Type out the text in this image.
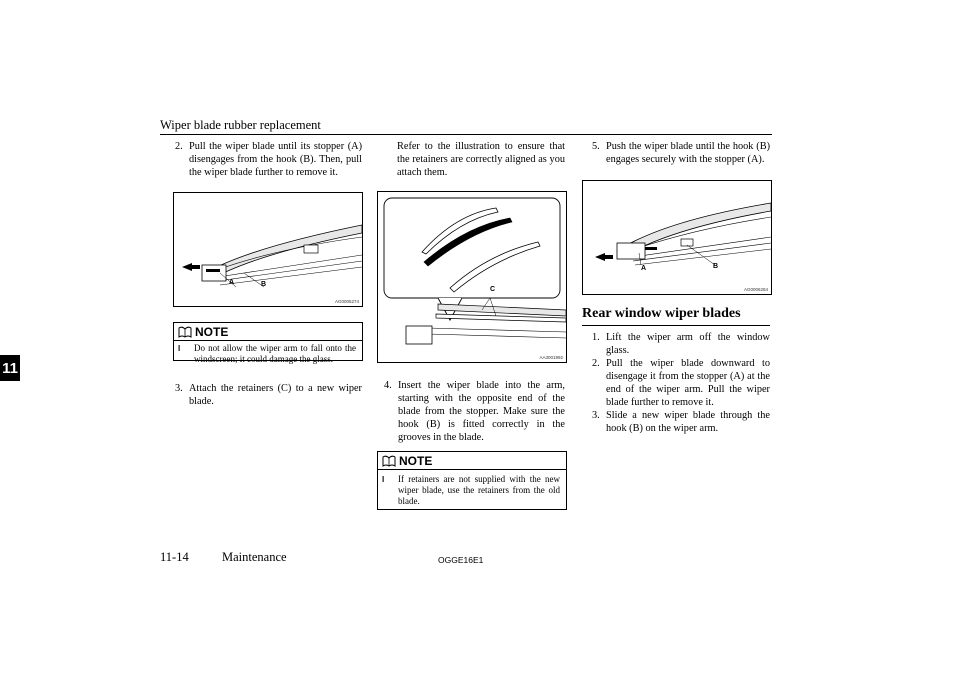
Wiper blade rubber replacement
11
2. Pull the wiper blade until its stopper (A) disengages from the hook (B). Then, pull the wiper blade further to remove it.
A	B
AG0005274
NOTE
l	Do not allow the wiper arm to fall onto the windscreen; it could damage the glass.
3. Attach the retainers (C) to a new wiper blade.
Refer to the illustration to ensure that the retainers are correctly aligned as you attach them.
C
AA3001992
4. Insert the wiper blade into the arm, starting with the opposite end of the blade from the stopper. Make sure the hook (B) is fitted correctly in the grooves in the blade.
NOTE
l	If retainers are not supplied with the new wiper blade, use the retainers from the old blade.
5. Push the wiper blade until the hook (B) engages securely with the stopper (A).
A	B
AG0006284
Rear window wiper blades
1. Lift the wiper arm off the window glass.
2. Pull the wiper blade downward to disengage it from the stopper (A) at the end of the wiper arm. Pull the wiper blade further to remove it.
3. Slide a new wiper blade through the hook (B) on the wiper arm.
11-14	Maintenance	OGGE16E1
